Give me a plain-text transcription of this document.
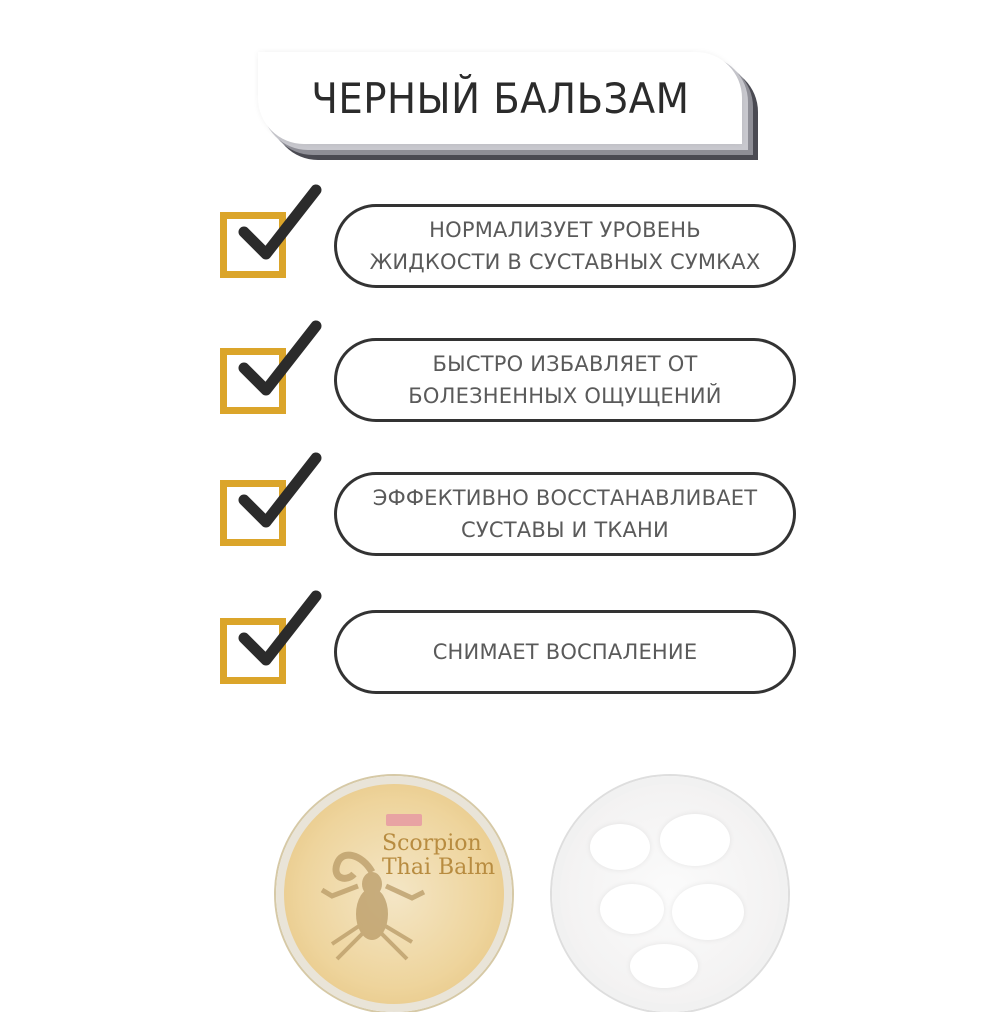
ЧЕРНЫЙ БАЛЬЗАМ
НОРМАЛИЗУЕТ УРОВЕНЬ
ЖИДКОСТИ В СУСТАВНЫХ СУМКАХ
БЫСТРО ИЗБАВЛЯЕТ ОТ
БОЛЕЗНЕННЫХ ОЩУЩЕНИЙ
ЭФФЕКТИВНО ВОССТАНАВЛИВАЕТ
СУСТАВЫ И ТКАНИ
СНИМАЕТ ВОСПАЛЕНИЕ
Scorpion
Thai Balm
